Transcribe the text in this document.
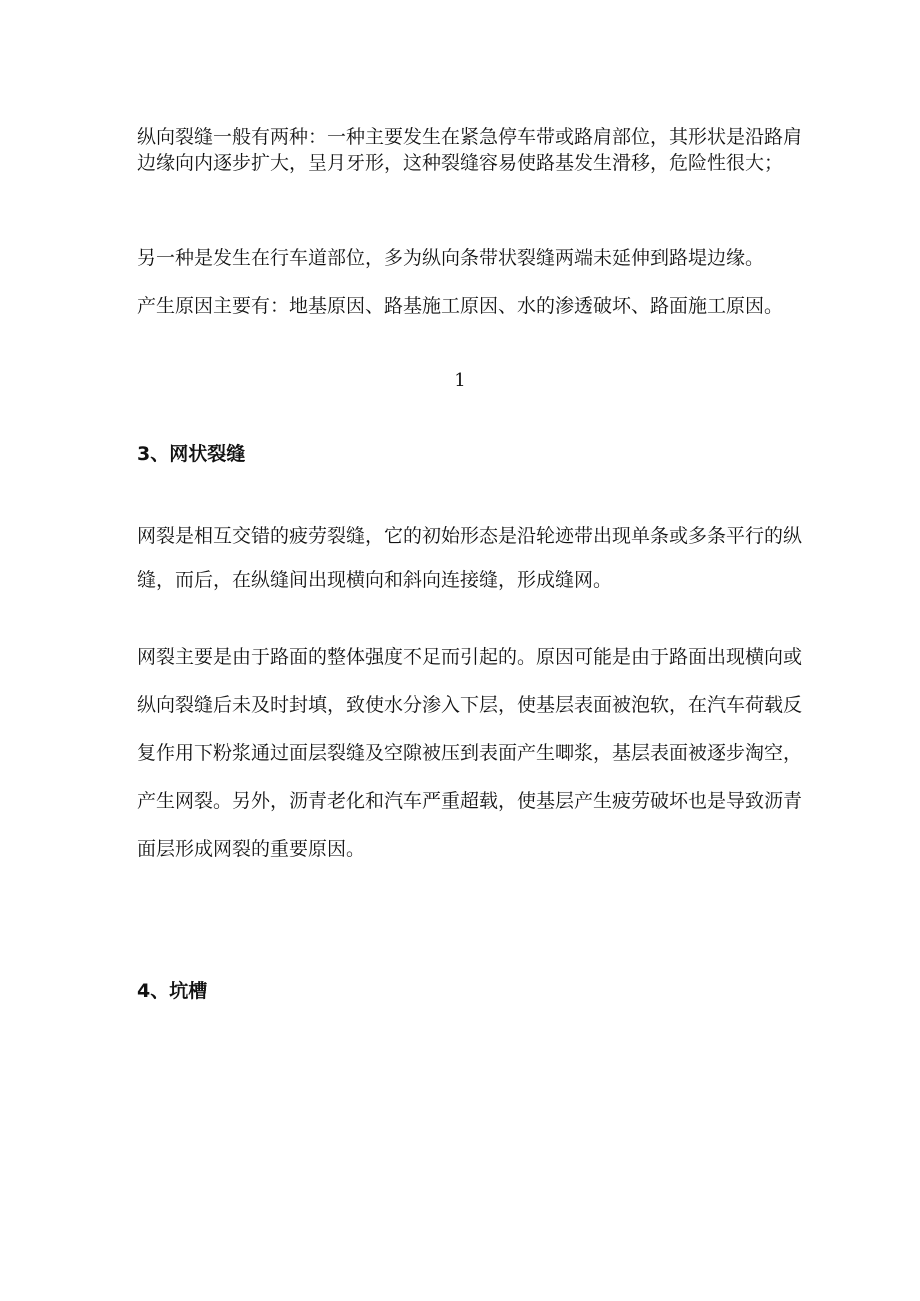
纵向裂缝一般有两种：一种主要发生在紧急停车带或路肩部位，其形状是沿路肩边缘向内逐步扩大，呈月牙形，这种裂缝容易使路基发生滑移，危险性很大；

另一种是发生在行车道部位，多为纵向条带状裂缝两端未延伸到路堤边缘。

产生原因主要有：地基原因、路基施工原因、水的渗透破坏、路面施工原因。

1
3、网状裂缝

网裂是相互交错的疲劳裂缝，它的初始形态是沿轮迹带出现单条或多条平行的纵缝，而后，在纵缝间出现横向和斜向连接缝，形成缝网。

网裂主要是由于路面的整体强度不足而引起的。原因可能是由于路面出现横向或纵向裂缝后未及时封填，致使水分渗入下层，使基层表面被泡软，在汽车荷载反复作用下粉浆通过面层裂缝及空隙被压到表面产生唧浆，基层表面被逐步淘空，产生网裂。另外，沥青老化和汽车严重超载，使基层产生疲劳破坏也是导致沥青面层形成网裂的重要原因。

4、坑槽
